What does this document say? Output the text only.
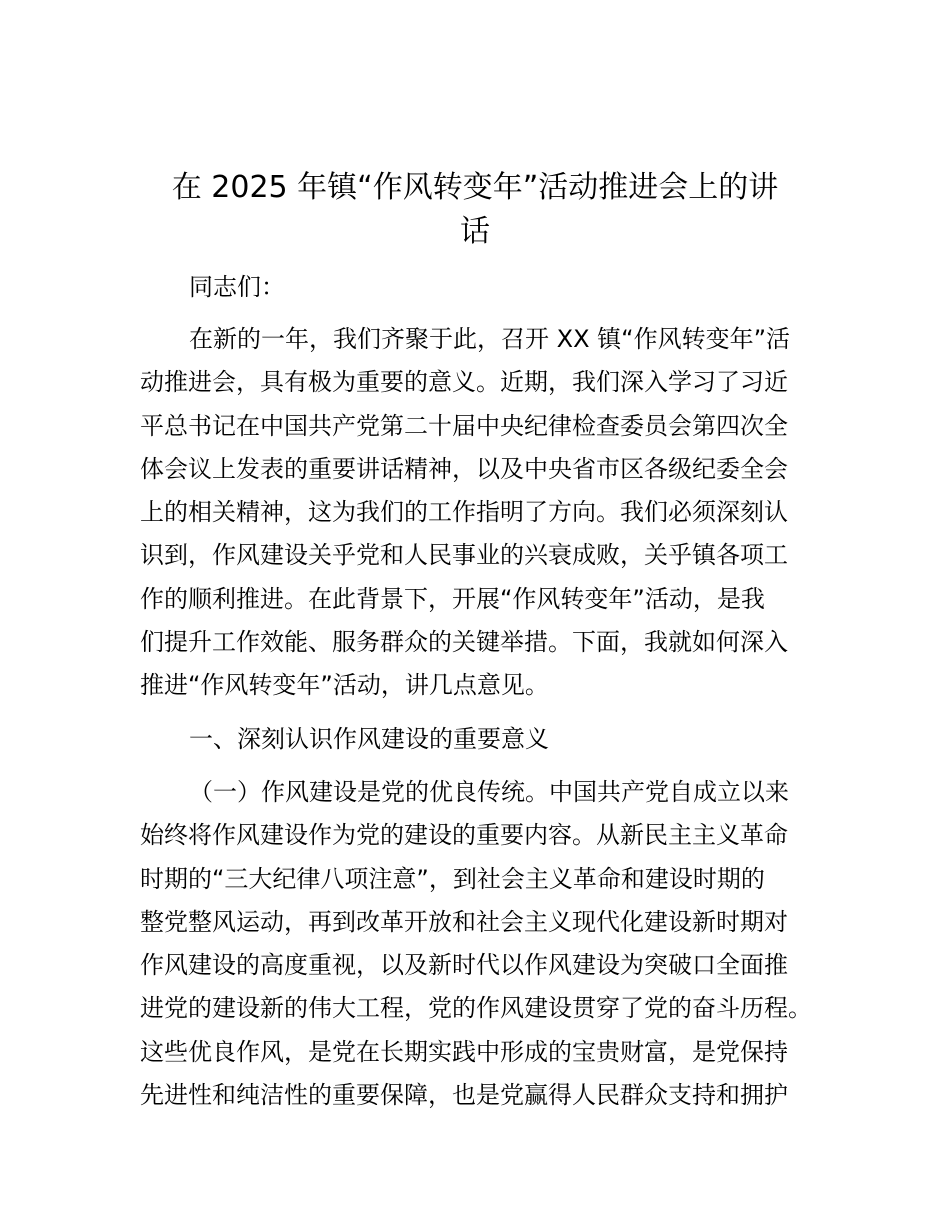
在 2025 年镇“作风转变年”活动推进会上的讲
话

同志们：

在新的一年，我们齐聚于此，召开 XX 镇“作风转变年”活
动推进会，具有极为重要的意义。近期，我们深入学习了习近
平总书记在中国共产党第二十届中央纪律检查委员会第四次全
体会议上发表的重要讲话精神，以及中央省市区各级纪委全会
上的相关精神，这为我们的工作指明了方向。我们必须深刻认
识到，作风建设关乎党和人民事业的兴衰成败，关乎镇各项工
作的顺利推进。在此背景下，开展“作风转变年”活动，是我
们提升工作效能、服务群众的关键举措。下面，我就如何深入
推进“作风转变年”活动，讲几点意见。

一、深刻认识作风建设的重要意义

（一）作风建设是党的优良传统。中国共产党自成立以来
始终将作风建设作为党的建设的重要内容。从新民主主义革命
时期的“三大纪律八项注意”，到社会主义革命和建设时期的
整党整风运动，再到改革开放和社会主义现代化建设新时期对
作风建设的高度重视，以及新时代以作风建设为突破口全面推
进党的建设新的伟大工程，党的作风建设贯穿了党的奋斗历程。
这些优良作风，是党在长期实践中形成的宝贵财富，是党保持
先进性和纯洁性的重要保障，也是党赢得人民群众支持和拥护
